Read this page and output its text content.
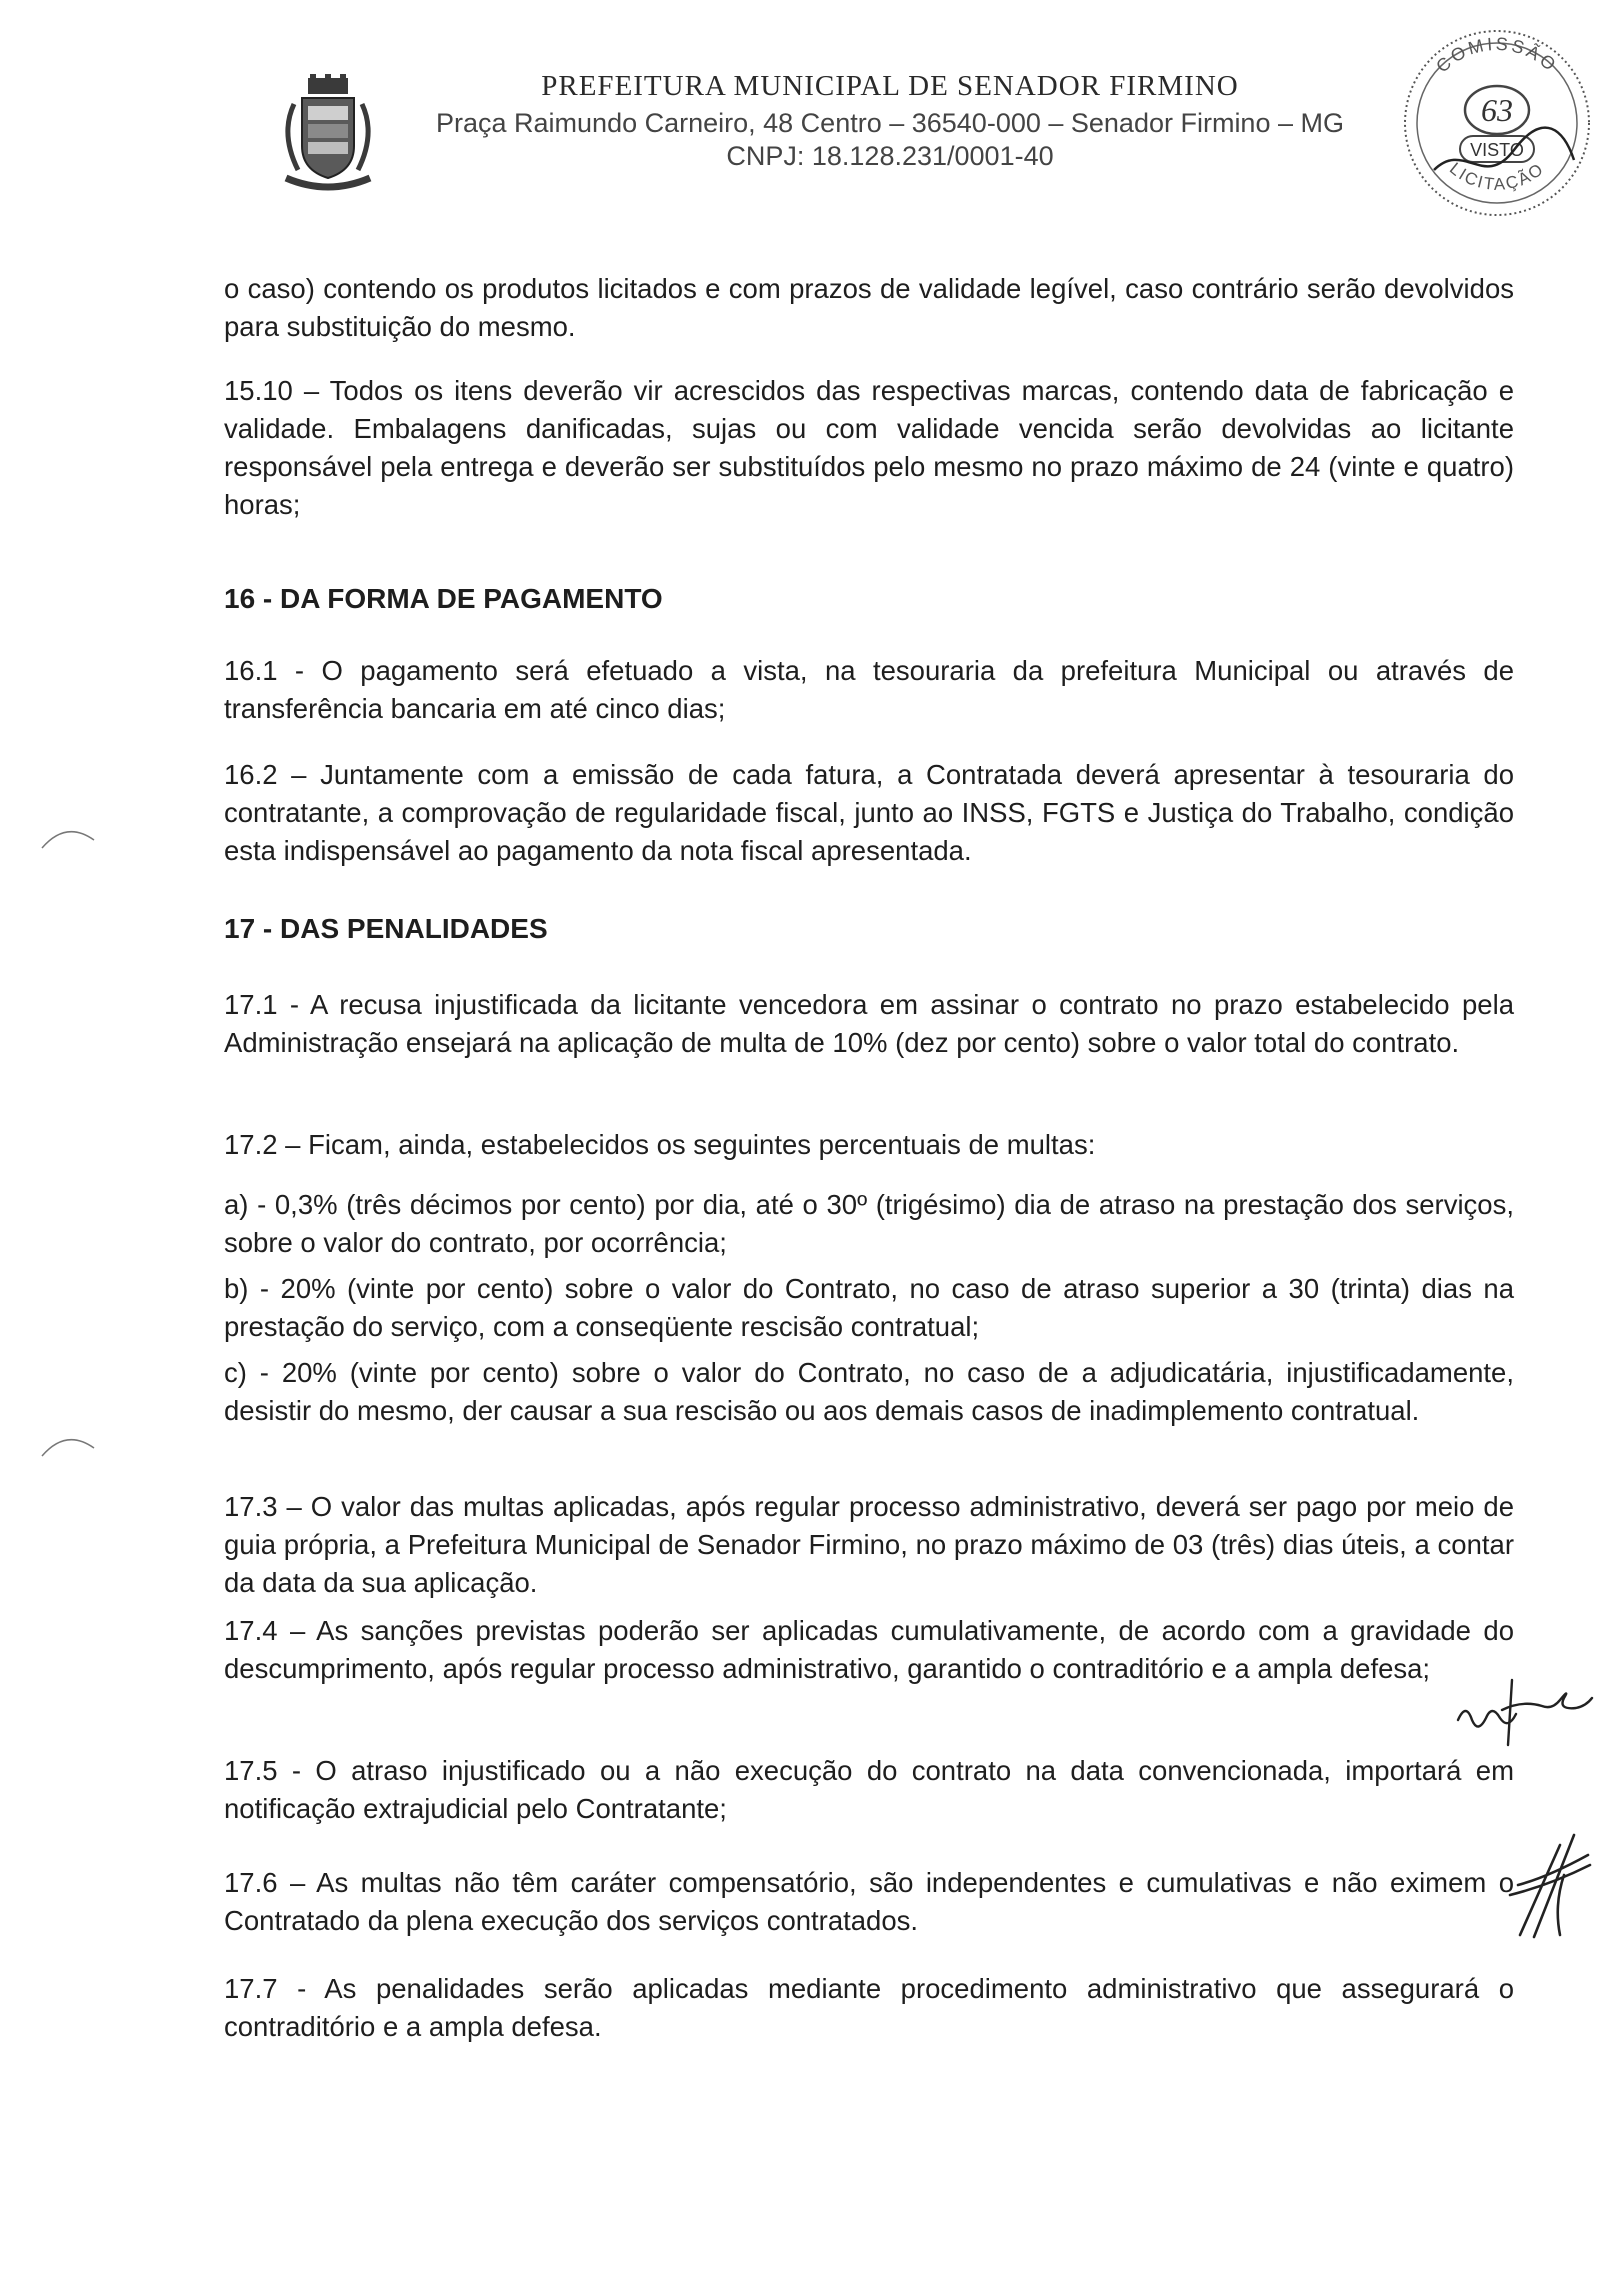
PREFEITURA MUNICIPAL DE SENADOR FIRMINO
Praça Raimundo Carneiro, 48 Centro – 36540-000 – Senador Firmino – MG
CNPJ: 18.128.231/0001-40
COMISSÃO
LICITAÇÃO
63
VISTO
o caso) contendo os produtos licitados e com prazos de validade legível, caso contrário serão devolvidos para substituição do mesmo.
15.10 – Todos os itens deverão vir acrescidos das respectivas marcas, contendo data de fabricação e validade. Embalagens danificadas, sujas ou com validade vencida serão devolvidas ao licitante responsável pela entrega e deverão ser substituídos pelo mesmo no prazo máximo de 24 (vinte e quatro) horas;
16 - DA FORMA DE PAGAMENTO
16.1 - O pagamento será efetuado a vista, na tesouraria da prefeitura Municipal ou através de transferência bancaria em até cinco dias;
16.2 – Juntamente com a emissão de cada fatura, a Contratada deverá apresentar à tesouraria do contratante, a comprovação de regularidade fiscal, junto ao INSS, FGTS e Justiça do Trabalho, condição esta indispensável ao pagamento da nota fiscal apresentada.
17 - DAS PENALIDADES
17.1 - A recusa injustificada da licitante vencedora em assinar o contrato no prazo estabelecido pela Administração ensejará na aplicação de multa de 10% (dez por cento) sobre o valor total do contrato.
17.2 – Ficam, ainda, estabelecidos os seguintes percentuais de multas:
a) - 0,3% (três décimos por cento) por dia, até o 30º (trigésimo) dia de atraso na prestação dos serviços, sobre o valor do contrato, por ocorrência;
b) - 20% (vinte por cento) sobre o valor do Contrato, no caso de atraso superior a 30 (trinta) dias na prestação do serviço, com a conseqüente rescisão contratual;
c) - 20% (vinte por cento) sobre o valor do Contrato, no caso de a adjudicatária, injustificadamente, desistir do mesmo, der causar a sua rescisão ou aos demais casos de inadimplemento contratual.
17.3 – O valor das multas aplicadas, após regular processo administrativo, deverá ser pago por meio de guia própria, a Prefeitura Municipal de Senador Firmino, no prazo máximo de 03 (três) dias úteis, a contar da data da sua aplicação.
17.4 – As sanções previstas poderão ser aplicadas cumulativamente, de acordo com a gravidade do descumprimento, após regular processo administrativo, garantido o contraditório e a ampla defesa;
17.5 - O atraso injustificado ou a não execução do contrato na data convencionada, importará em notificação extrajudicial pelo Contratante;
17.6 – As multas não têm caráter compensatório, são independentes e cumulativas e não eximem o Contratado da plena execução dos serviços contratados.
17.7 - As penalidades serão aplicadas mediante procedimento administrativo que assegurará o contraditório e a ampla defesa.
